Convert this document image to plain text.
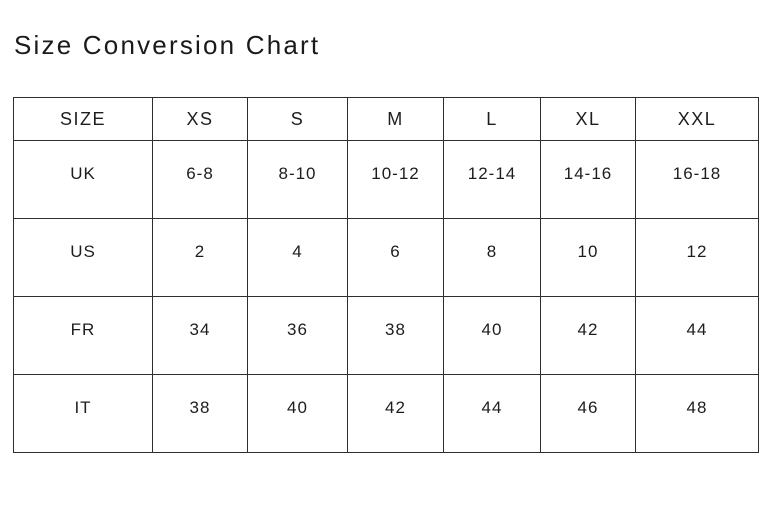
Size Conversion Chart
SIZE	XS	S	M	L	XL	XXL
UK	6-8	8-10	10-12	12-14	14-16	16-18
US	2	4	6	8	10	12
FR	34	36	38	40	42	44
IT	38	40	42	44	46	48
